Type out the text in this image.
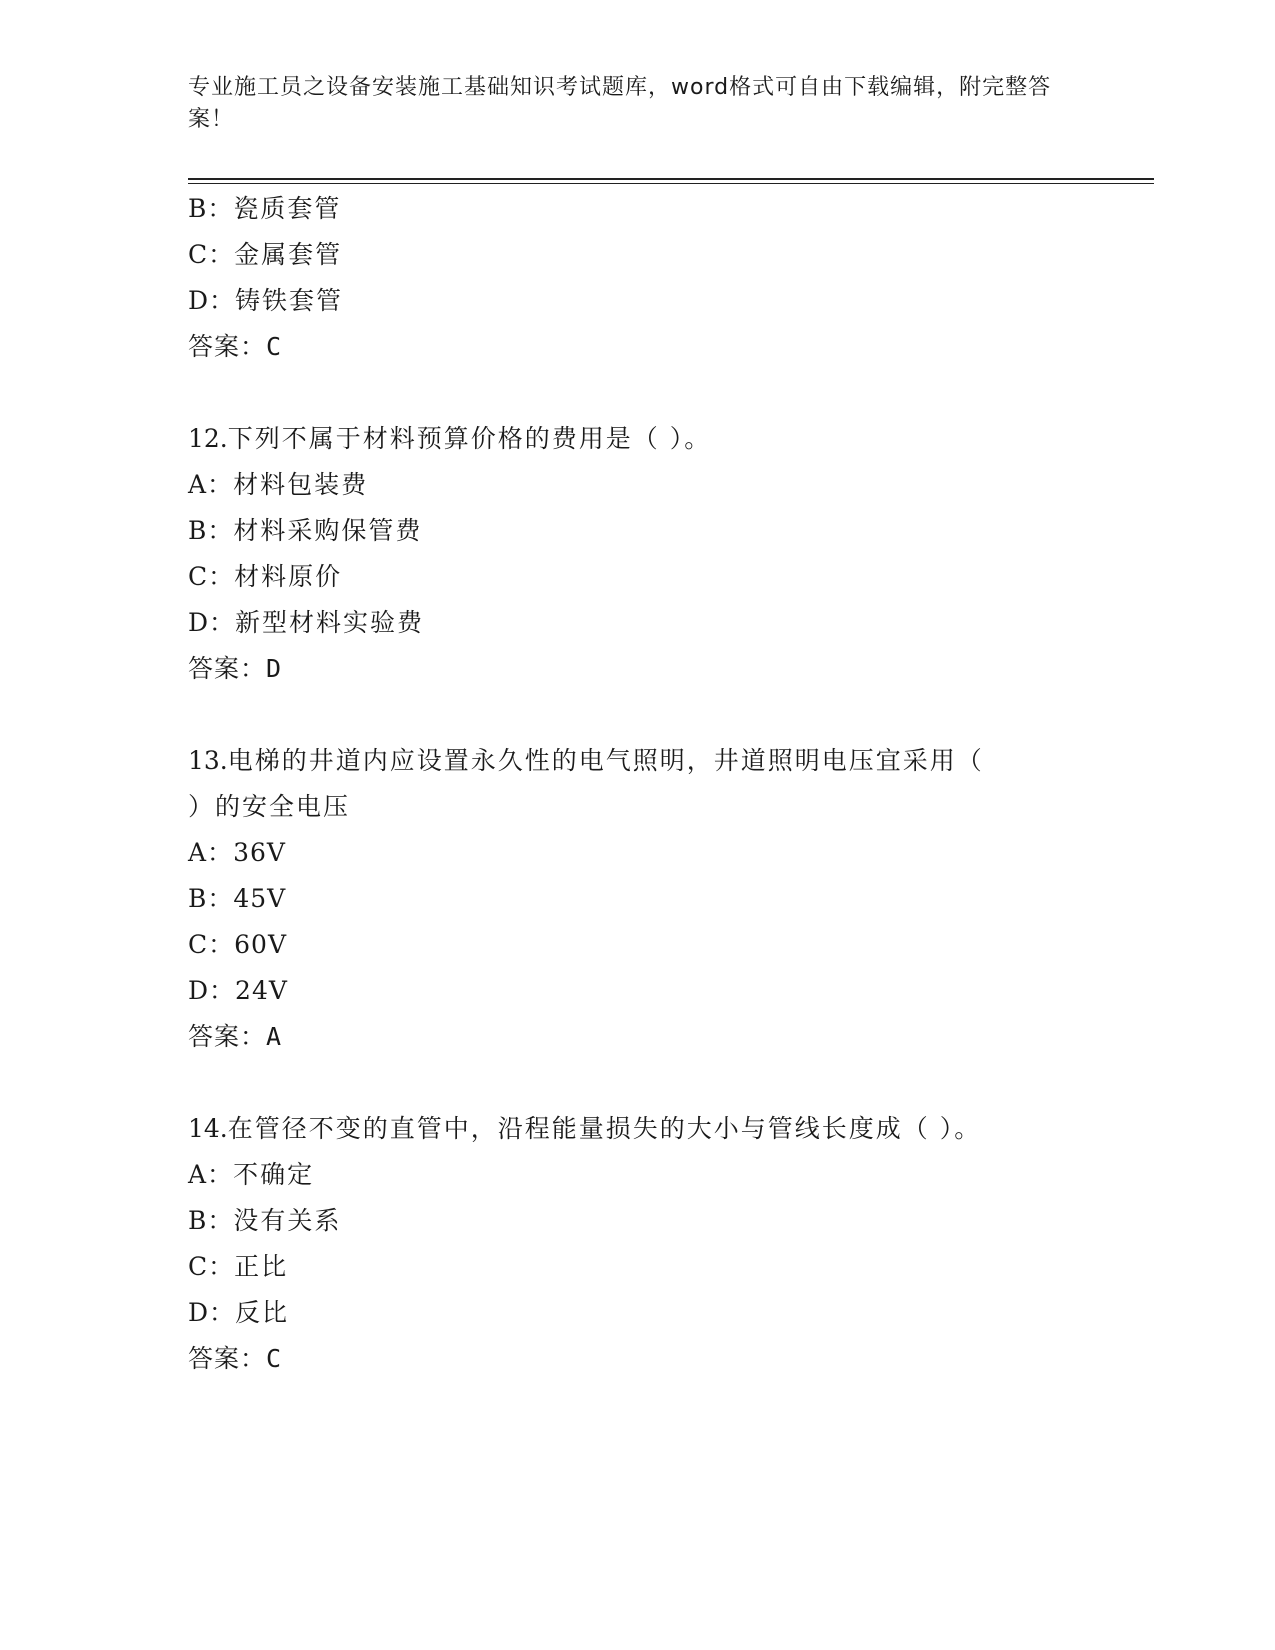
专业施工员之设备安装施工基础知识考试题库，word格式可自由下载编辑，附完整答案！
B：瓷质套管
C：金属套管
D：铸铁套管
答案：C
12.下列不属于材料预算价格的费用是（ ）。
A：材料包装费
B：材料采购保管费
C：材料原价
D：新型材料实验费
答案：D
13.电梯的井道内应设置永久性的电气照明，井道照明电压宜采用（
）的安全电压
A：36V
B：45V
C：60V
D：24V
答案：A
14.在管径不变的直管中，沿程能量损失的大小与管线长度成（ ）。
A：不确定
B：没有关系
C：正比
D：反比
答案：C
